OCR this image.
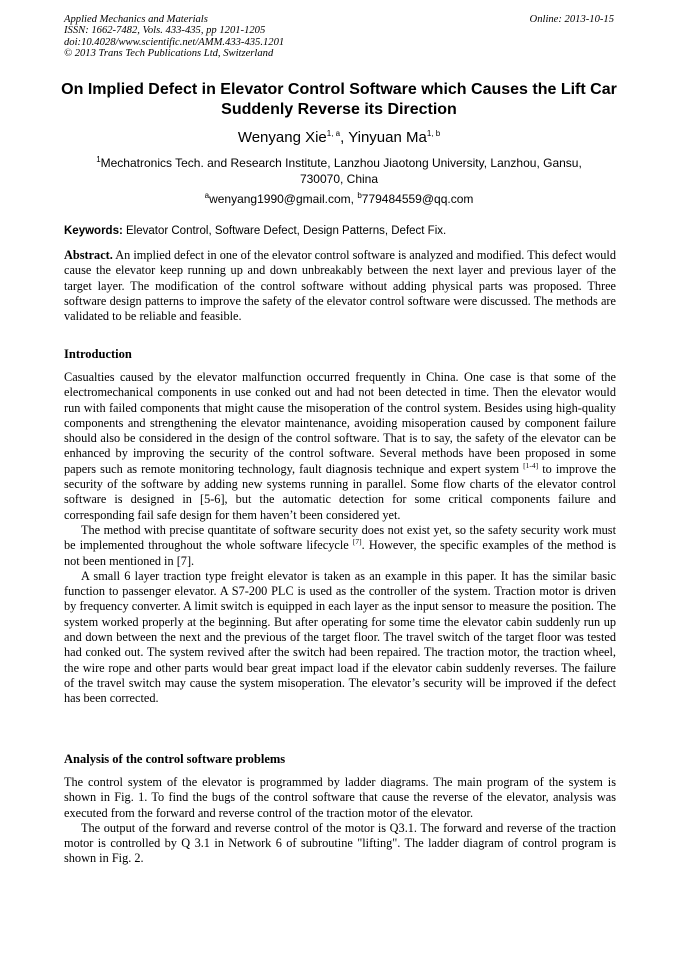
Applied Mechanics and Materials
ISSN: 1662-7482, Vols. 433-435, pp 1201-1205
doi:10.4028/www.scientific.net/AMM.433-435.1201
© 2013 Trans Tech Publications Ltd, Switzerland
Online: 2013-10-15
On Implied Defect in Elevator Control Software which Causes the Lift Car Suddenly Reverse its Direction
Wenyang Xie$^{1, a}$, Yinyuan Ma$^{1, b}$
$^1$Mechatronics Tech. and Research Institute, Lanzhou Jiaotong University, Lanzhou, Gansu, 730070, China
$^a$wenyang1990@gmail.com, $^b$779484559@qq.com
Keywords: Elevator Control, Software Defect, Design Patterns, Defect Fix.

Abstract. An implied defect in one of the elevator control software is analyzed and modified. This defect would cause the elevator keep running up and down unbreakably between the next layer and previous layer of the target layer. The modification of the control software without adding physical parts was proposed. Three software design patterns to improve the safety of the elevator control software were discussed. The methods are validated to be reliable and feasible.

Introduction

Casualties caused by the elevator malfunction occurred frequently in China. One case is that some of the electromechanical components in use conked out and had not been detected in time. Then the elevator would run with failed components that might cause the misoperation of the control system. Besides using high-quality components and strengthening the elevator maintenance, avoiding misoperation caused by component failure should also be considered in the design of the control software. That is to say, the safety of the elevator can be enhanced by improving the security of the control software. Several methods have been proposed in some papers such as remote monitoring technology, fault diagnosis technique and expert system [1-4] to improve the security of the software by adding new systems running in parallel. Some flow charts of the elevator control software is designed in [5-6], but the automatic detection for some critical components failure and corresponding fail safe design for them haven’t been considered yet.

The method with precise quantitate of software security does not exist yet, so the safety security work must be implemented throughout the whole software lifecycle [7]. However, the specific examples of the method is not been mentioned in [7].

A small 6 layer traction type freight elevator is taken as an example in this paper. It has the similar basic function to passenger elevator. A S7-200 PLC is used as the controller of the system. Traction motor is driven by frequency converter. A limit switch is equipped in each layer as the input sensor to measure the position. The system worked properly at the beginning. But after operating for some time the elevator cabin suddenly run up and down between the next and the previous of the target floor. The travel switch of the target floor was tested had conked out. The system revived after the switch had been repaired. The traction motor, the traction wheel, the wire rope and other parts would bear great impact load if the elevator cabin suddenly reverses. The failure of the travel switch may cause the system misoperation. The elevator’s security will be improved if the defect has been corrected.

Analysis of the control software problems

The control system of the elevator is programmed by ladder diagrams. The main program of the system is shown in Fig. 1. To find the bugs of the control software that cause the reverse of the elevator, analysis was executed from the forward and reverse control of the traction motor of the elevator.

The output of the forward and reverse control of the motor is Q3.1. The forward and reverse of the traction motor is controlled by Q 3.1 in Network 6 of subroutine "lifting". The ladder diagram of control program is shown in Fig. 2.
